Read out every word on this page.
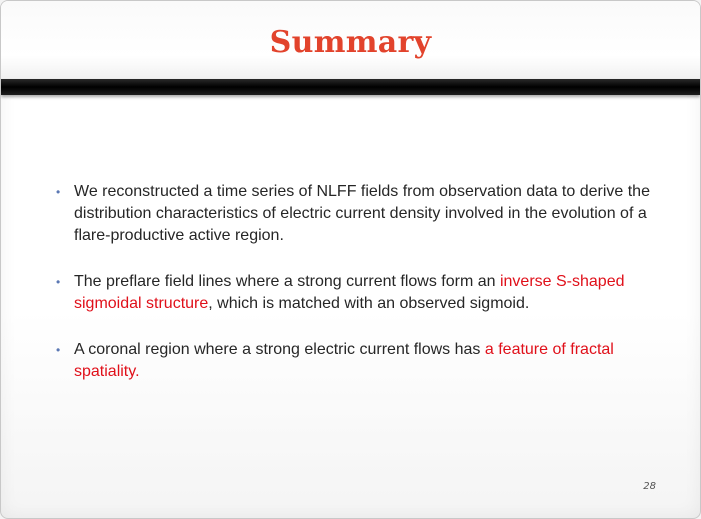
Summary
• We reconstructed a time series of NLFF fields from observation data to derive the distribution characteristics of electric current density involved in the evolution of a flare-productive active region.
• The preflare field lines where a strong current flows form an inverse S-shaped sigmoidal structure, which is matched with an observed sigmoid.
• A coronal region where a strong electric current flows has a feature of fractal spatiality.
28
